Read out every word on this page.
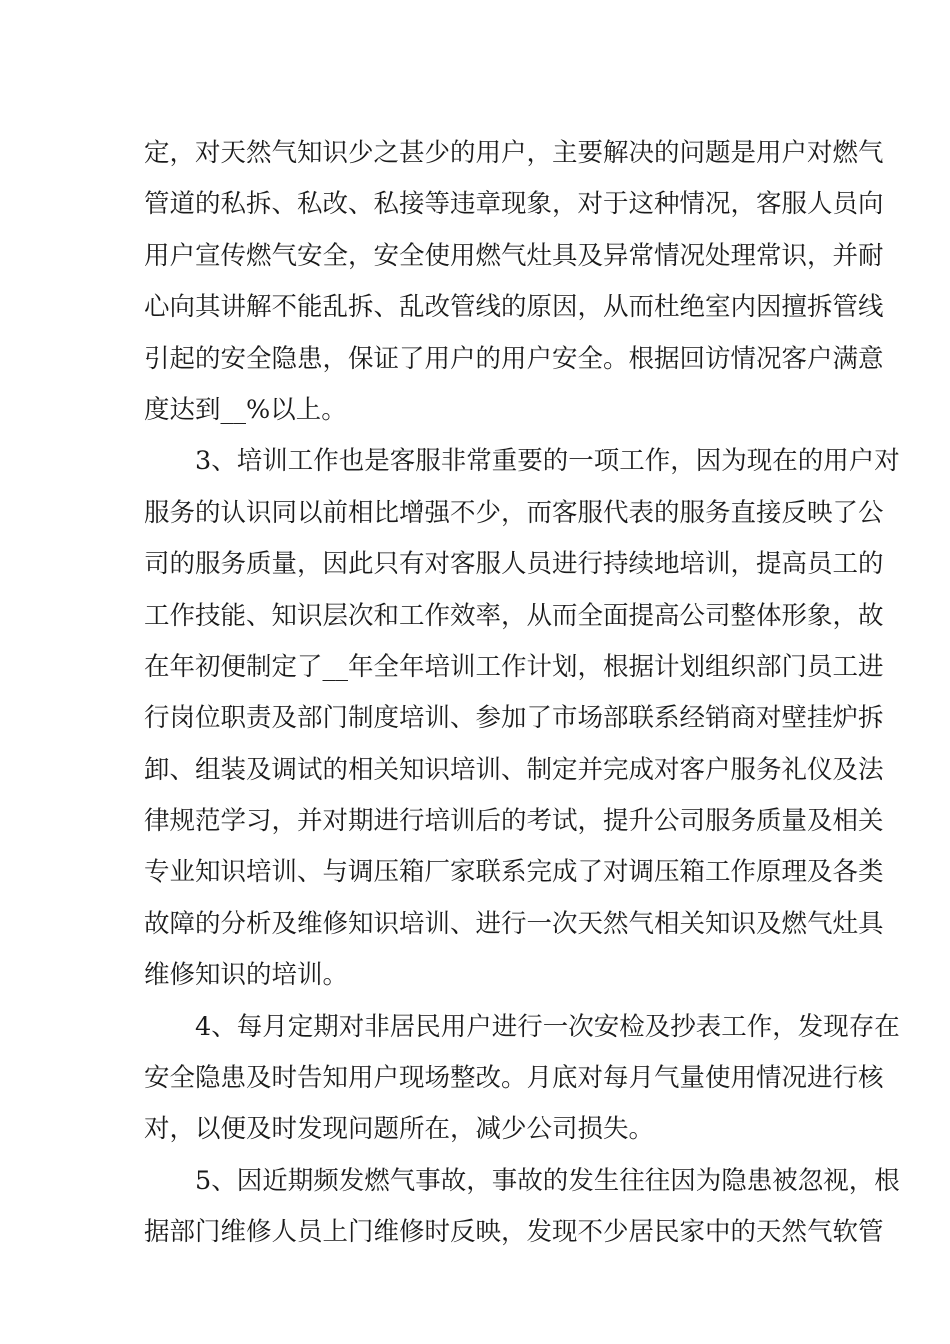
定，对天然气知识少之甚少的用户，主要解决的问题是用户对燃气
管道的私拆、私改、私接等违章现象，对于这种情况，客服人员向
用户宣传燃气安全，安全使用燃气灶具及异常情况处理常识，并耐
心向其讲解不能乱拆、乱改管线的原因，从而杜绝室内因擅拆管线
引起的安全隐患，保证了用户的用户安全。根据回访情况客户满意
度达到__%以上。
3、培训工作也是客服非常重要的一项工作，因为现在的用户对
服务的认识同以前相比增强不少，而客服代表的服务直接反映了公
司的服务质量，因此只有对客服人员进行持续地培训，提高员工的
工作技能、知识层次和工作效率，从而全面提高公司整体形象，故
在年初便制定了__年全年培训工作计划，根据计划组织部门员工进
行岗位职责及部门制度培训、参加了市场部联系经销商对壁挂炉拆
卸、组装及调试的相关知识培训、制定并完成对客户服务礼仪及法
律规范学习，并对期进行培训后的考试，提升公司服务质量及相关
专业知识培训、与调压箱厂家联系完成了对调压箱工作原理及各类
故障的分析及维修知识培训、进行一次天然气相关知识及燃气灶具
维修知识的培训。
4、每月定期对非居民用户进行一次安检及抄表工作，发现存在
安全隐患及时告知用户现场整改。月底对每月气量使用情况进行核
对，以便及时发现问题所在，减少公司损失。
5、因近期频发燃气事故，事故的发生往往因为隐患被忽视，根
据部门维修人员上门维修时反映，发现不少居民家中的天然气软管
